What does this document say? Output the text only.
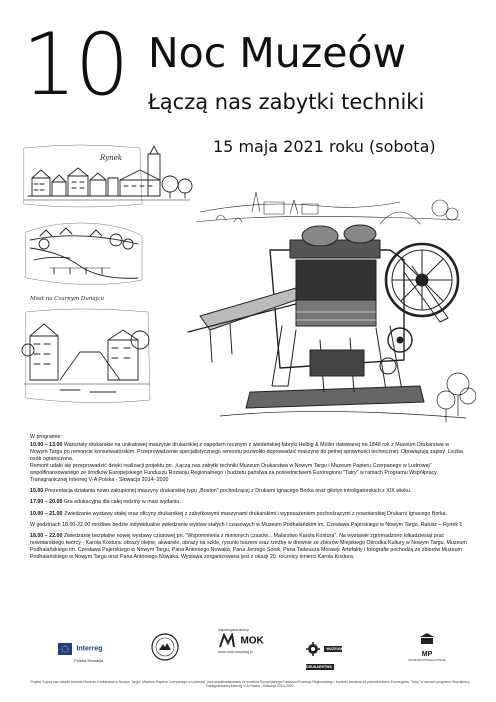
10 Noc Muzeów
Łączą nas zabytki techniki
15 maja 2021 roku (sobota)
Rynek
Most na Czarnym Dunajcu

W programie:

10.00 – 13.00 Warsztaty drukarskie na unikatowej maszynie drukarskiej z napędem ręcznym z wiedeńskiej fabryki Helbig & Müller datowanej na 1848 rok z Muzeum Drukarstwa w Nowym Targu po remoncie konserwatorskim. Przeprowadzenie specjalistycznego remontu pozwoliło doprowadzić maszynę do pełnej sprawności technicznej. Obowiązują zapisy. Liczba osób ograniczona.
Remont udało się przeprowadzić dzięki realizacji projektu pn. „Łączą nas zabytki techniki Muzeum Drukarstwa w Nowym Targu i Muzeum Papieru Czerpanego w Ludrowej” współfinansowanego ze środków Europejskiego Funduszu Rozwoju Regionalnego i budżetu państwa za pośrednictwem Euroregionu "Tatry" w ramach Programu Współpracy Transgranicznej Interreg V-A Polska - Słowacja 2014- 2020

15.00 Prezentacja działania nowo zakupionej maszyny drukarskiej typu „Boston” pochodzącej z Drukarni Ignacego Borka oraz gilotyn introligatorskich z XIX wieku.

17.00 – 20.00 Gra edukacyjna dla całej rodziny w maxi wydaniu.

10.00 – 21.00 Zwiedzanie wystawy stałej oraz oficyny drukarskiej z zabytkowymi maszynami drukarskimi i wyposażeniem pochodzącymi z nowotarskiej Drukarni Ignacego Borka.

W godzinach 18.00-22.00 możliwe będzie indywidualne zwiedzanie wystaw stałych i czasowych w Muzeum Podhalańskim im. Czesława Pajerskiego w Nowym Targu, Ratusz – Rynek 1

18.00 – 22.00 Zwiedzanie bezpłatne nowej wystawy czasowej pn. "Wspomnienia z minionych czasów... Malarstwo Karola Kostura". Na wystawie zgromadzono kilkadziesiąt prac nowotarskiego twórcy - Karola Kostura: obrazy olejne, akwarele, obrazy na szkle, rysunki tuszem oraz rzeźbę w drewnie ze zbiorów Miejskiego Ośrodka Kultury w Nowym Targu, Muzeum Podhalańskiego im. Czesława Pajerskiego w Nowym Targu, Pana Antoniego Nowaka, Pana Jerzego Sonik, Pana Tadeusza Morawy. Artefakty i fotografie pochodzą ze zbiorów Muzeum Podhalańskiego w Nowym Targu oraz Pana Antoniego Nowaka. Wystawa zorganizowana jest z okazji 20. rocznicy śmierci Karola Kostura.

Interreg
Polska-Słowacja
współorganizatorzy
MOK
www.mok.nowytarg.pl
MUZEUM DRUKARSTWA
MP
MUZEUM PODHALAŃSKIE
Projekt "Łączą nas zabytki techniki Muzeum Drukarstwa w Nowym Targu i Muzeum Papieru Czerpanego w Ludrowej" jest współfinansowany ze środków Europejskiego Funduszu Rozwoju Regionalnego i budżetu państwa za pośrednictwem Euroregionu "Tatry" w ramach programu Współpracy Transgranicznej Interreg V-A Polska - Słowacja 2014-2020.
